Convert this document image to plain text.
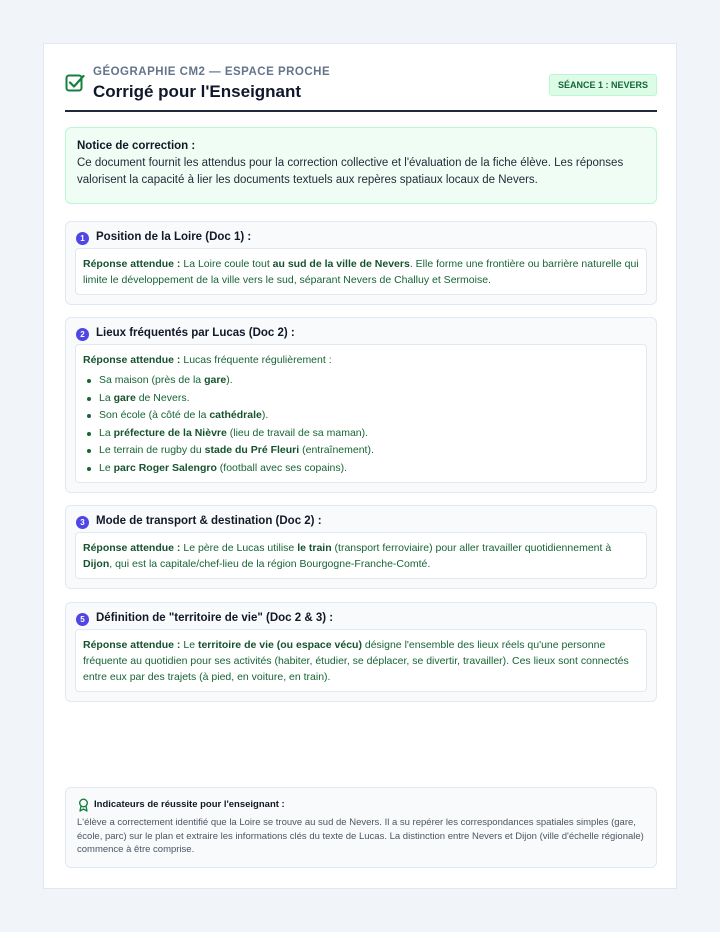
GÉOGRAPHIE CM2 — ESPACE PROCHE
Corrigé pour l'Enseignant	SÉANCE 1 : NEVERS
Notice de correction :
Ce document fournit les attendus pour la correction collective et l'évaluation de la fiche élève. Les réponses valorisent la capacité à lier les documents textuels aux repères spatiaux locaux de Nevers.
1 Position de la Loire (Doc 1) :
Réponse attendue : La Loire coule tout au sud de la ville de Nevers. Elle forme une frontière ou barrière naturelle qui limite le développement de la ville vers le sud, séparant Nevers de Challuy et Sermoise.
2 Lieux fréquentés par Lucas (Doc 2) :
Réponse attendue : Lucas fréquente régulièrement :
Sa maison (près de la gare).
La gare de Nevers.
Son école (à côté de la cathédrale).
La préfecture de la Nièvre (lieu de travail de sa maman).
Le terrain de rugby du stade du Pré Fleuri (entraînement).
Le parc Roger Salengro (football avec ses copains).
3 Mode de transport & destination (Doc 2) :
Réponse attendue : Le père de Lucas utilise le train (transport ferroviaire) pour aller travailler quotidiennement à Dijon, qui est la capitale/chef-lieu de la région Bourgogne-Franche-Comté.
5 Définition de "territoire de vie" (Doc 2 & 3) :
Réponse attendue : Le territoire de vie (ou espace vécu) désigne l'ensemble des lieux réels qu'une personne fréquente au quotidien pour ses activités (habiter, étudier, se déplacer, se divertir, travailler). Ces lieux sont connectés entre eux par des trajets (à pied, en voiture, en train).
Indicateurs de réussite pour l'enseignant :
L'élève a correctement identifié que la Loire se trouve au sud de Nevers. Il a su repérer les correspondances spatiales simples (gare, école, parc) sur le plan et extraire les informations clés du texte de Lucas. La distinction entre Nevers et Dijon (ville d'échelle régionale) commence à être comprise.
